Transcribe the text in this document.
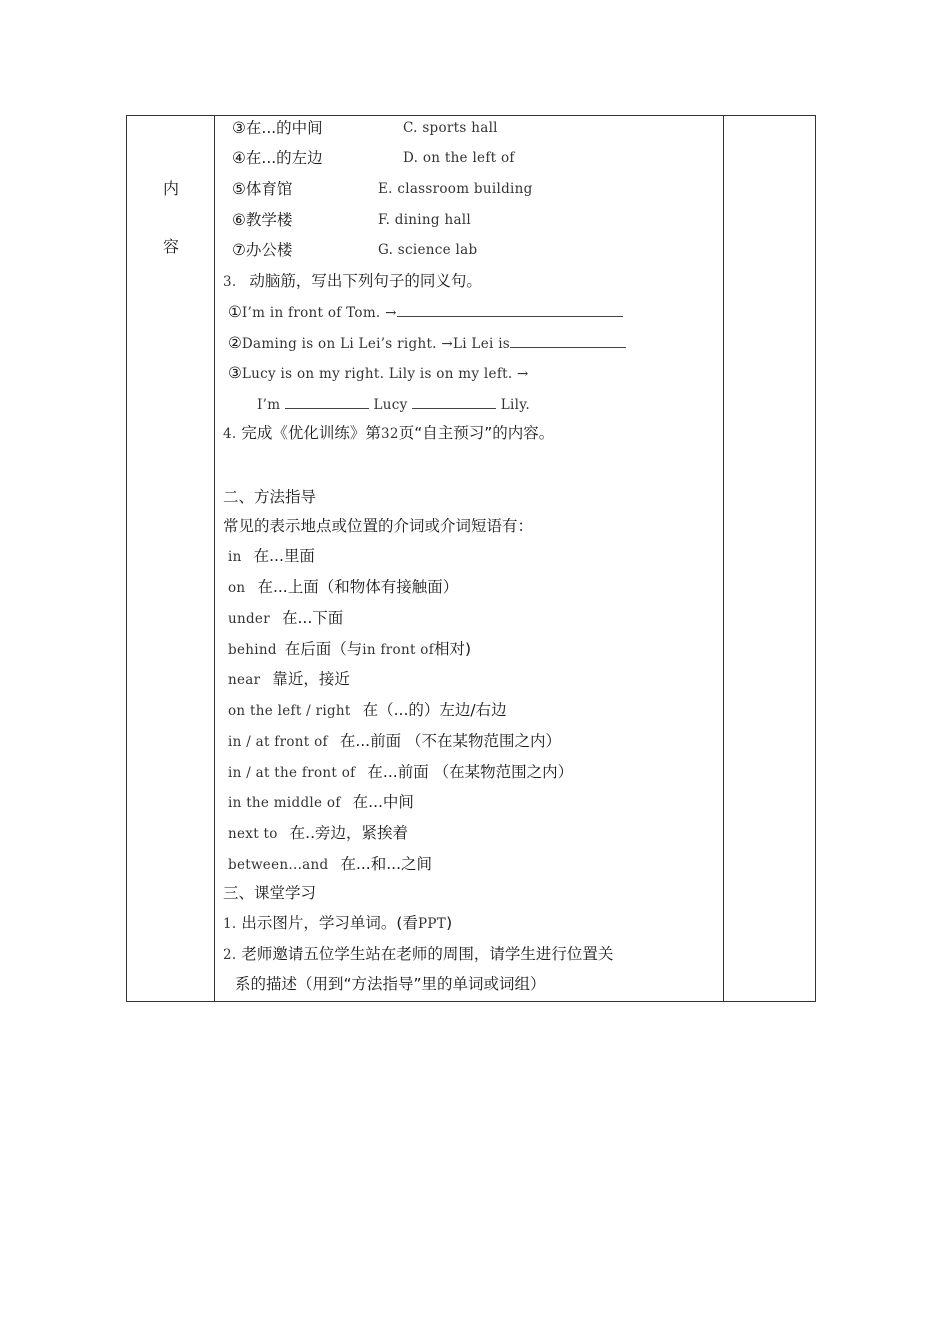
内
容
③在...的中间	C. sports hall
④在...的左边	D. on the left of
⑤体育馆	E. classroom building
⑥教学楼	F. dining hall
⑦办公楼	G. science lab
3. 动脑筋，写出下列句子的同义句。
①I’m in front of Tom. →
②Daming is on Li Lei’s right. →Li Lei is
③Lucy is on my right. Lily is on my left. →
I’m	Lucy	Lily.
4. 完成《优化训练》第32页“自主预习”的内容。
二、方法指导
常见的表示地点或位置的介词或介词短语有：
in 在...里面
on 在...上面（和物体有接触面）
under 在...下面
behind 在后面（与in front of相对)
near 靠近，接近
on the left / right 在（...的）左边/右边
in / at front of 在...前面 （不在某物范围之内）
in / at the front of 在...前面 （在某物范围之内）
in the middle of 在...中间
next to 在..旁边，紧挨着
between...and 在...和...之间
三、课堂学习
1. 出示图片，学习单词。(看PPT)
2. 老师邀请五位学生站在老师的周围，请学生进行位置关
系的描述（用到“方法指导”里的单词或词组）
